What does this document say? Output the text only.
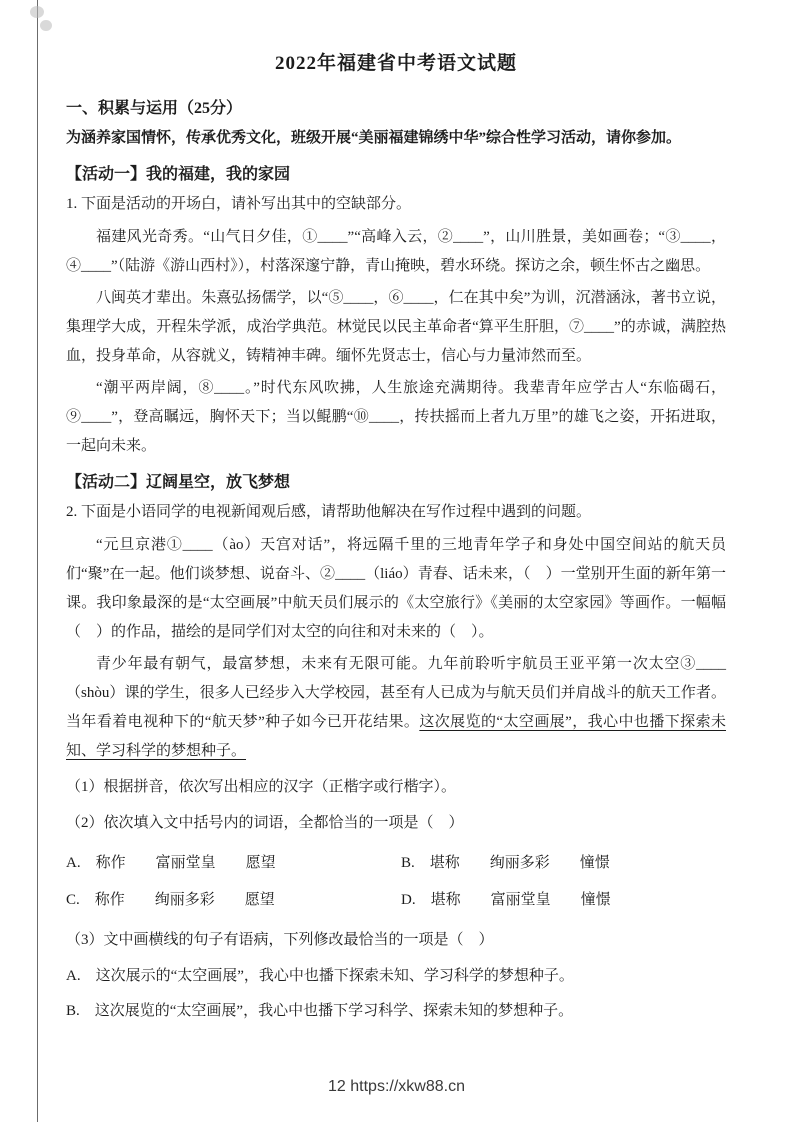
2022年福建省中考语文试题
一、积累与运用（25分）

为涵养家国情怀，传承优秀文化，班级开展“美丽福建锦绣中华”综合性学习活动，请你参加。

【活动一】我的福建，我的家园

1. 下面是活动的开场白，请补写出其中的空缺部分。

福建风光奇秀。“山气日夕佳，①____”“高峰入云，②____”，山川胜景，美如画卷；“③____，④____”（陆游《游山西村》），村落深邃宁静，青山掩映，碧水环绕。探访之余，顿生怀古之幽思。

八闽英才辈出。朱熹弘扬儒学，以“⑤____，⑥____，仁在其中矣”为训，沉潜涵泳，著书立说，集理学大成，开程朱学派，成治学典范。林觉民以民主革命者“算平生肝胆，⑦____”的赤诚，满腔热血，投身革命，从容就义，铸精神丰碑。缅怀先贤志士，信心与力量沛然而至。

“潮平两岸阔，⑧____。”时代东风吹拂，人生旅途充满期待。我辈青年应学古人“东临碣石，⑨____”，登高瞩远，胸怀天下；当以鲲鹏“⑩____，抟扶摇而上者九万里”的雄飞之姿，开拓进取，一起向未来。

【活动二】辽阔星空，放飞梦想

2. 下面是小语同学的电视新闻观后感，请帮助他解决在写作过程中遇到的问题。

“元旦京港①____（ào）天宫对话”，将远隔千里的三地青年学子和身处中国空间站的航天员们“聚”在一起。他们谈梦想、说奋斗、②____（liáo）青春、话未来，（　）一堂别开生面的新年第一课。我印象最深的是“太空画展”中航天员们展示的《太空旅行》《美丽的太空家园》等画作。一幅幅（　）的作品，描绘的是同学们对太空的向往和对未来的（　）。

青少年最有朝气，最富梦想，未来有无限可能。九年前聆听宇航员王亚平第一次太空③____（shòu）课的学生，很多人已经步入大学校园，甚至有人已成为与航天员们并肩战斗的航天工作者。当年看着电视种下的“航天梦”种子如今已开花结果。这次展览的“太空画展”，我心中也播下探索未知、学习科学的梦想种子。

（1）根据拼音，依次写出相应的汉字（正楷字或行楷字）。

（2）依次填入文中括号内的词语，全都恰当的一项是（　）

A.　称作　　富丽堂皇　　愿望	B.　堪称　　绚丽多彩　　憧憬

C.　称作　　绚丽多彩　　愿望	D.　堪称　　富丽堂皇　　憧憬

（3）文中画横线的句子有语病，下列修改最恰当的一项是（　）

A.　这次展示的“太空画展”，我心中也播下探索未知、学习科学的梦想种子。

B.　这次展览的“太空画展”，我心中也播下学习科学、探索未知的梦想种子。

12 https://xkw88.cn
